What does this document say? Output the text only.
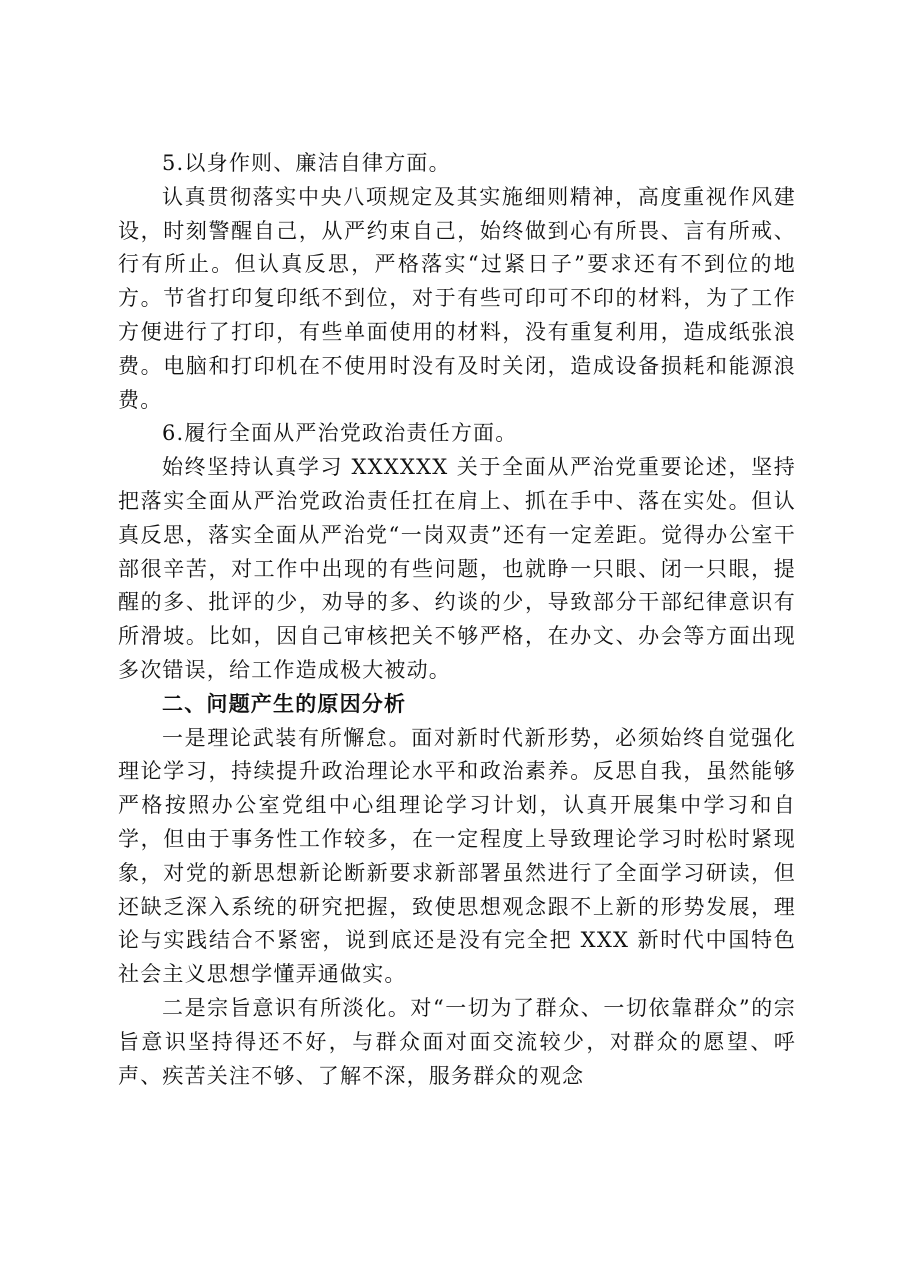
5.以身作则、廉洁自律方面。

认真贯彻落实中央八项规定及其实施细则精神，高度重视作风建设，时刻警醒自己，从严约束自己，始终做到心有所畏、言有所戒、行有所止。但认真反思，严格落实“过紧日子”要求还有不到位的地方。节省打印复印纸不到位，对于有些可印可不印的材料，为了工作方便进行了打印，有些单面使用的材料，没有重复利用，造成纸张浪费。电脑和打印机在不使用时没有及时关闭，造成设备损耗和能源浪费。

6.履行全面从严治党政治责任方面。

始终坚持认真学习 XXXXXX 关于全面从严治党重要论述，坚持把落实全面从严治党政治责任扛在肩上、抓在手中、落在实处。但认真反思，落实全面从严治党“一岗双责”还有一定差距。觉得办公室干部很辛苦，对工作中出现的有些问题，也就睁一只眼、闭一只眼，提醒的多、批评的少，劝导的多、约谈的少，导致部分干部纪律意识有所滑坡。比如，因自己审核把关不够严格，在办文、办会等方面出现多次错误，给工作造成极大被动。

二、问题产生的原因分析

一是理论武装有所懈怠。面对新时代新形势，必须始终自觉强化理论学习，持续提升政治理论水平和政治素养。反思自我，虽然能够严格按照办公室党组中心组理论学习计划，认真开展集中学习和自学，但由于事务性工作较多，在一定程度上导致理论学习时松时紧现象，对党的新思想新论断新要求新部署虽然进行了全面学习研读，但还缺乏深入系统的研究把握，致使思想观念跟不上新的形势发展，理论与实践结合不紧密，说到底还是没有完全把 XXX 新时代中国特色社会主义思想学懂弄通做实。

二是宗旨意识有所淡化。对“一切为了群众、一切依靠群众”的宗旨意识坚持得还不好，与群众面对面交流较少，对群众的愿望、呼声、疾苦关注不够、了解不深，服务群众的观念
